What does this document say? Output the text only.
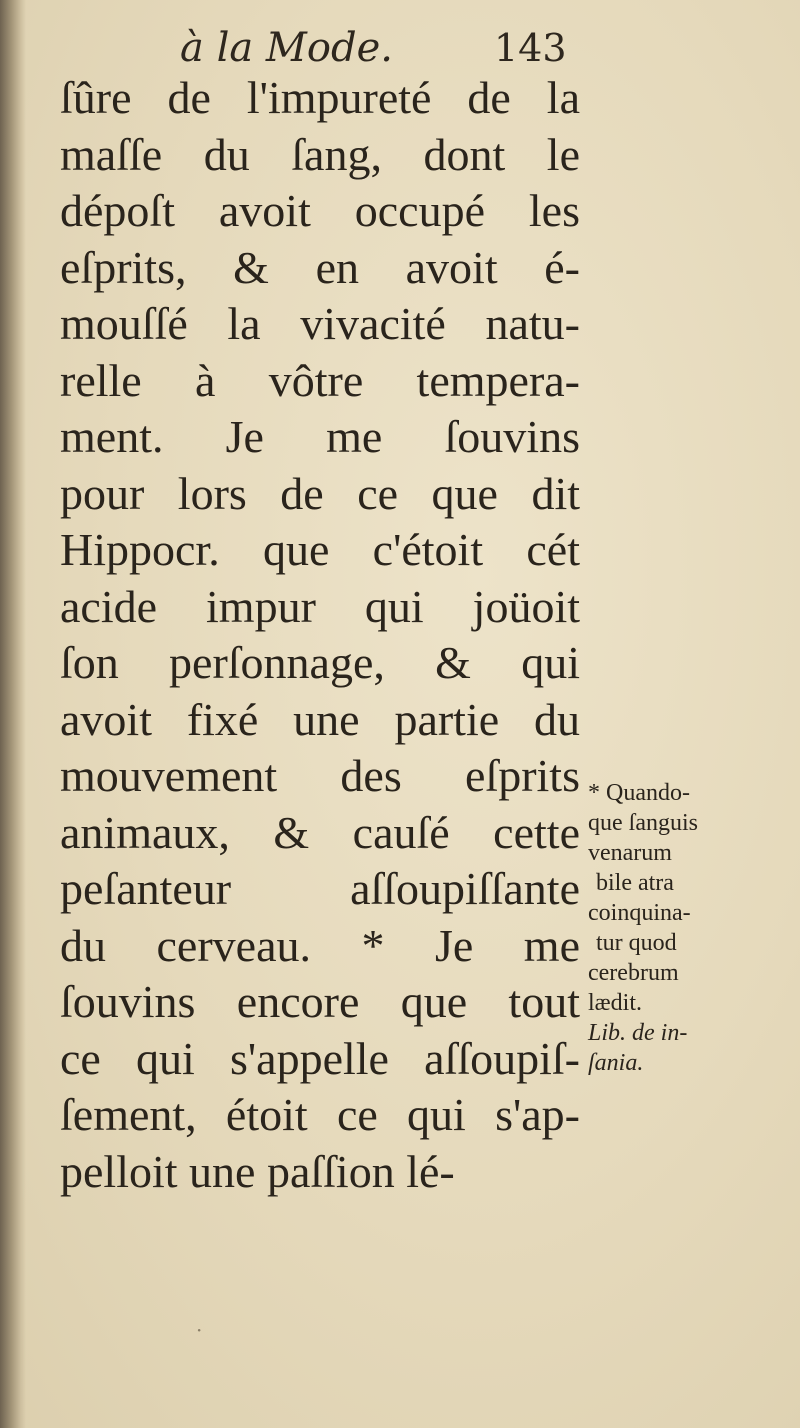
à la Mode.	143
ſûre de l'impureté de la
maſſe du ſang, dont le
dépoſt avoit occupé les
eſprits, & en avoit é-
mouſſé la vivacité natu-
relle à vôtre tempera-
ment. Je me ſouvins
pour lors de ce que dit
Hippocr. que c'étoit cét
acide impur qui joüoit
ſon perſonnage, & qui
avoit fixé une partie du
mouvement des eſprits
animaux, & cauſé cette
peſanteur aſſoupiſſante
du cerveau. * Je me
ſouvins encore que tout
ce qui s'appelle aſſoupiſ-
ſement, étoit ce qui s'ap-
pelloit une paſſion lé-
* Quando-
que ſanguis
venarum
bile atra
coinquina-
tur quod
cerebrum
lædit.
Lib. de in-
ſania.
·
